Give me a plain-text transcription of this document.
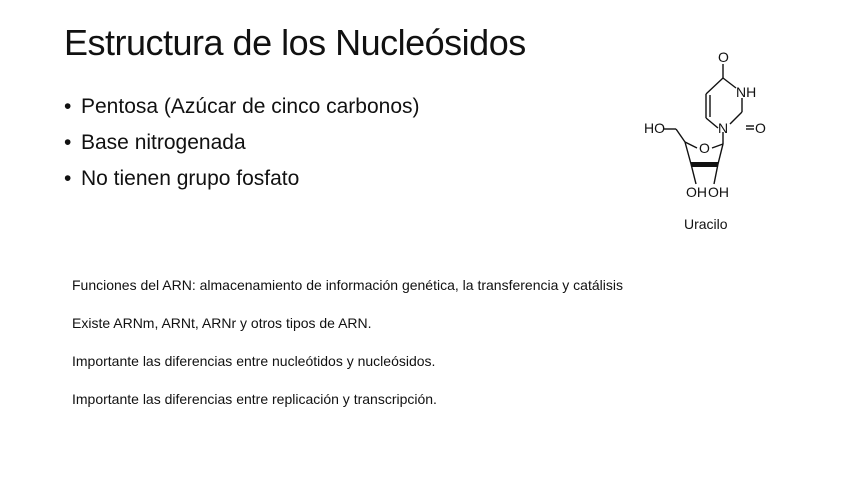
Estructura de los Nucleósidos
• Pentosa (Azúcar de cinco carbonos)
• Base nitrogenada
• No tienen grupo fosfato
O
NH
N O
HO
O
OH OH
Uracilo
Funciones del ARN: almacenamiento de información genética, la transferencia y catálisis
Existe ARNm, ARNt, ARNr y otros tipos de ARN.
Importante las diferencias entre nucleótidos y nucleósidos.
Importante las diferencias entre replicación y transcripción.
